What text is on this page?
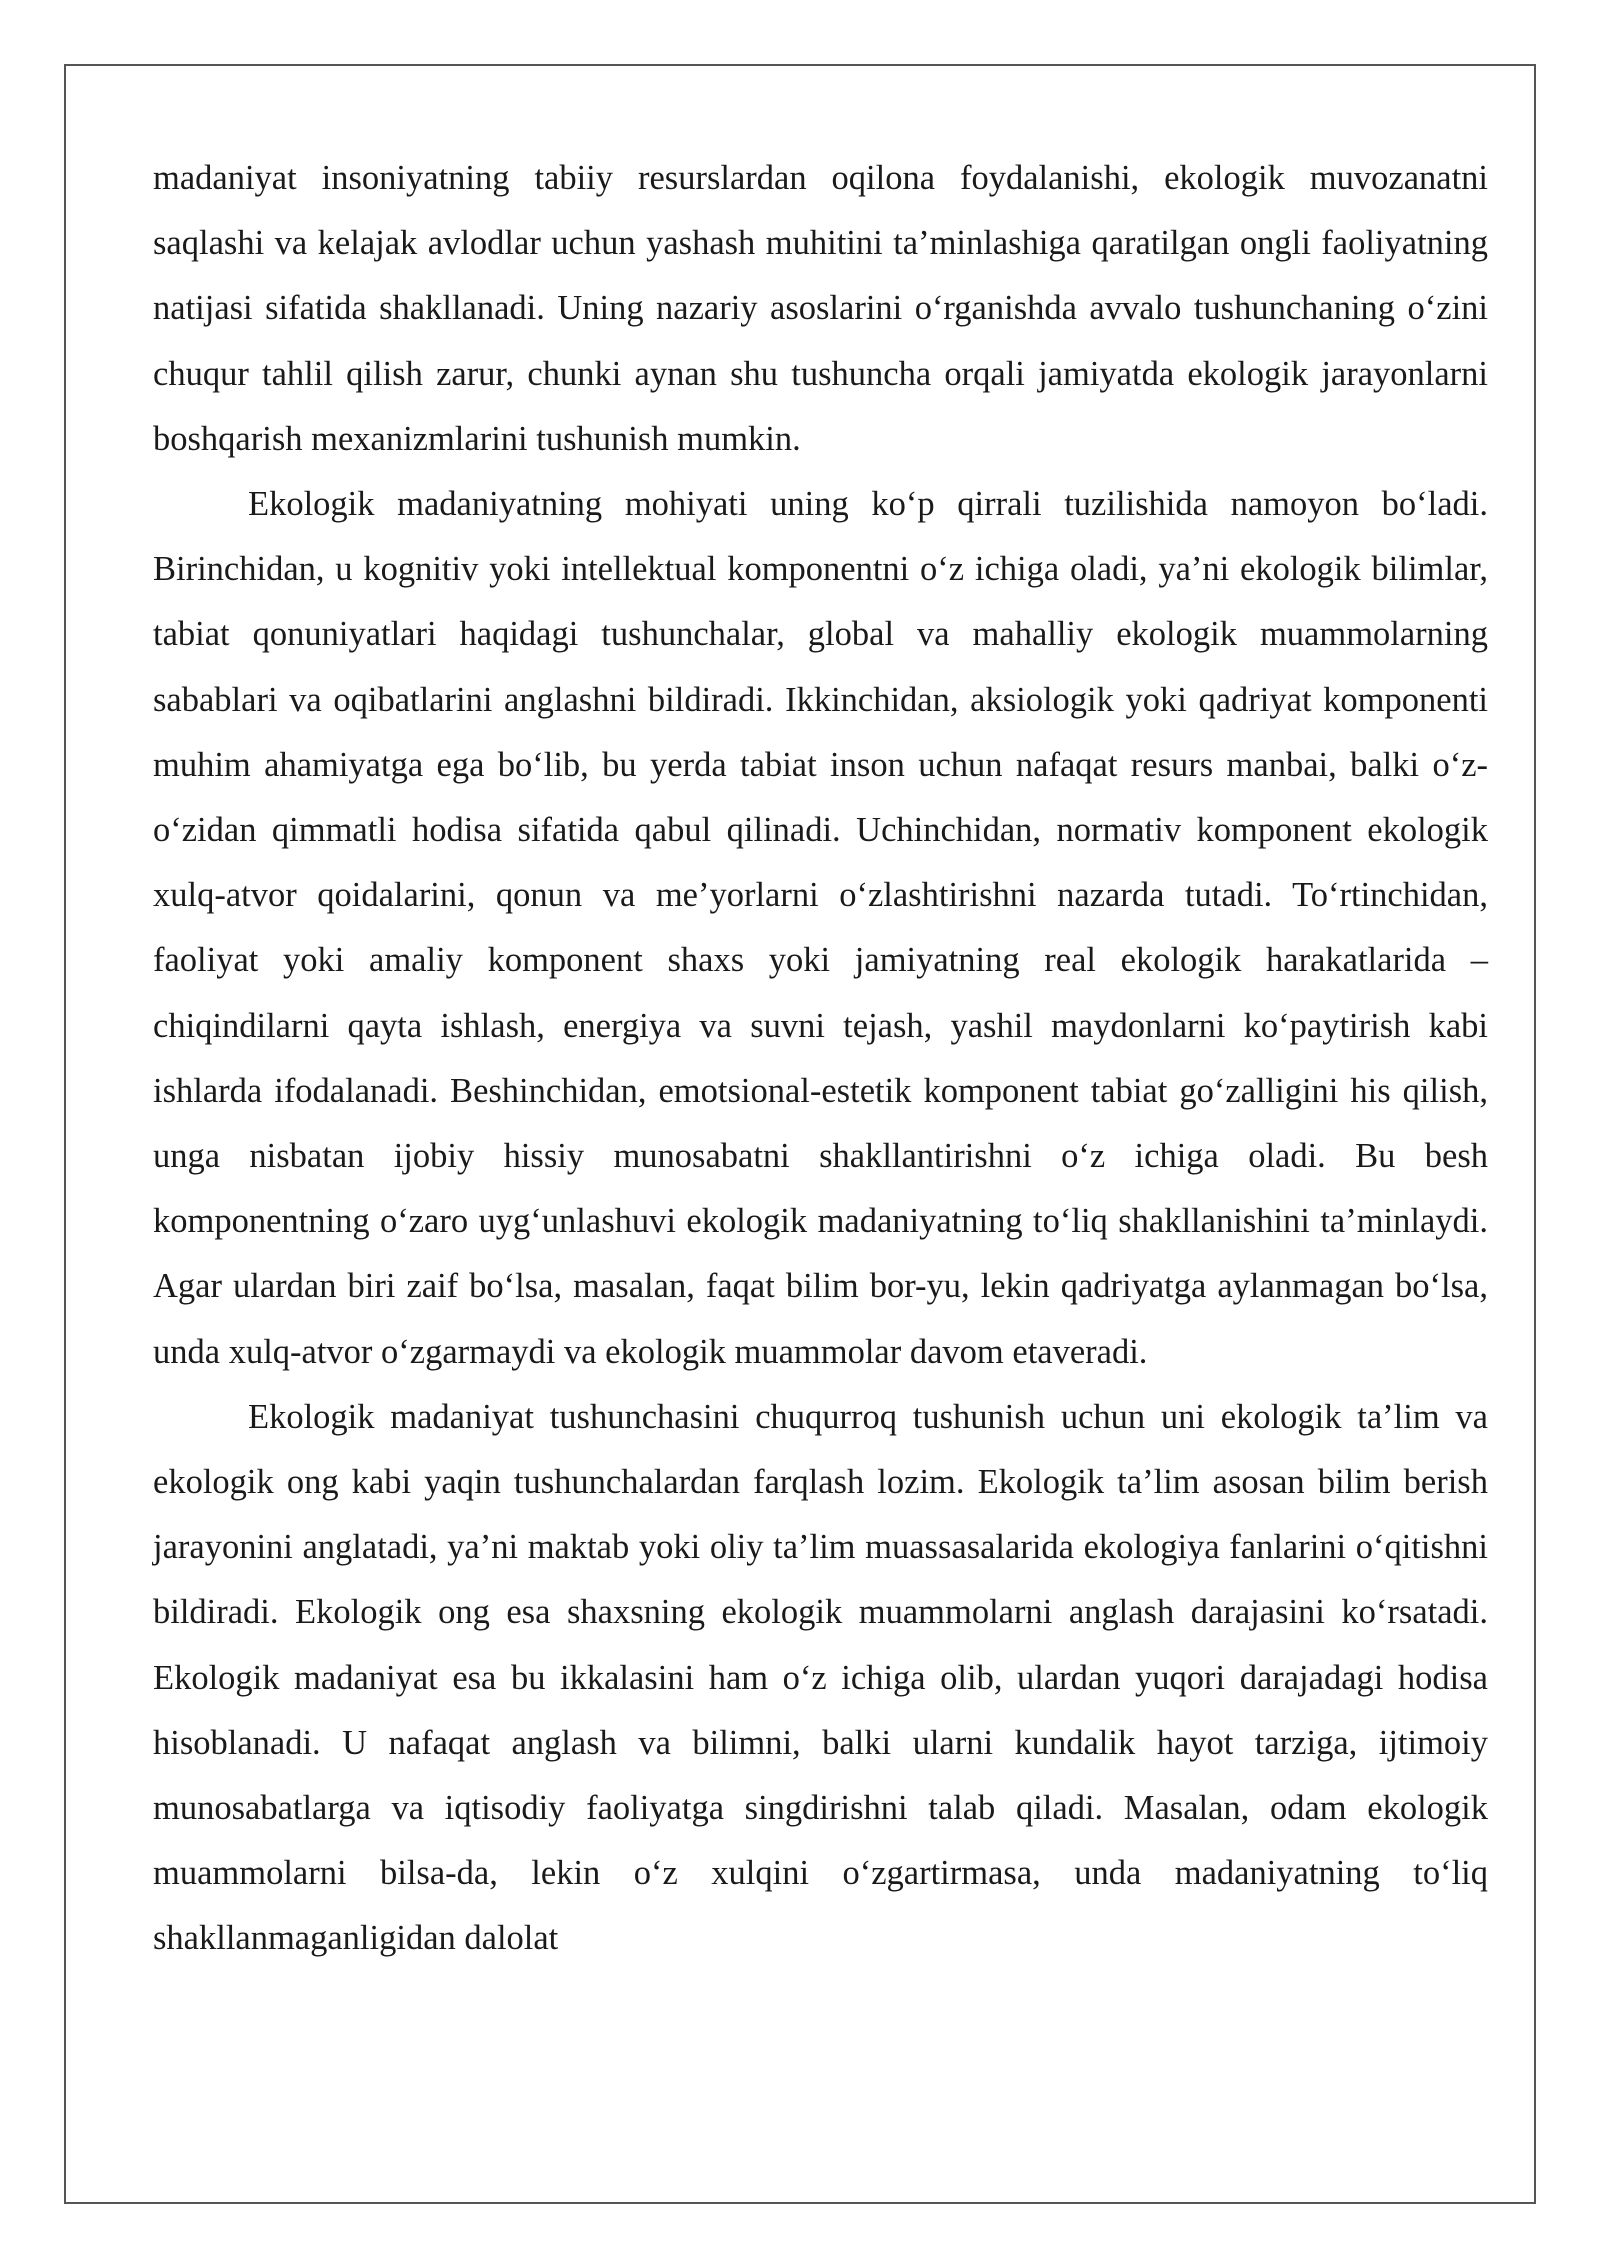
madaniyat insoniyatning tabiiy resurslardan oqilona foydalanishi, ekologik muvozanatni saqlashi va kelajak avlodlar uchun yashash muhitini ta’minlashiga qaratilgan ongli faoliyatning natijasi sifatida shakllanadi. Uning nazariy asoslarini o‘rganishda avvalo tushunchaning o‘zini chuqur tahlil qilish zarur, chunki aynan shu tushuncha orqali jamiyatda ekologik jarayonlarni boshqarish mexanizmlarini tushunish mumkin.

Ekologik madaniyatning mohiyati uning ko‘p qirrali tuzilishida namoyon bo‘ladi. Birinchidan, u kognitiv yoki intellektual komponentni o‘z ichiga oladi, ya’ni ekologik bilimlar, tabiat qonuniyatlari haqidagi tushunchalar, global va mahalliy ekologik muammolarning sabablari va oqibatlarini anglashni bildiradi. Ikkinchidan, aksiologik yoki qadriyat komponenti muhim ahamiyatga ega bo‘lib, bu yerda tabiat inson uchun nafaqat resurs manbai, balki o‘z-o‘zidan qimmatli hodisa sifatida qabul qilinadi. Uchinchidan, normativ komponent ekologik xulq-atvor qoidalarini, qonun va me’yorlarni o‘zlashtirishni nazarda tutadi. To‘rtinchidan, faoliyat yoki amaliy komponent shaxs yoki jamiyatning real ekologik harakatlarida – chiqindilarni qayta ishlash, energiya va suvni tejash, yashil maydonlarni ko‘paytirish kabi ishlarda ifodalanadi. Beshinchidan, emotsional-estetik komponent tabiat go‘zalligini his qilish, unga nisbatan ijobiy hissiy munosabatni shakllantirishni o‘z ichiga oladi. Bu besh komponentning o‘zaro uyg‘unlashuvi ekologik madaniyatning to‘liq shakllanishini ta’minlaydi. Agar ulardan biri zaif bo‘lsa, masalan, faqat bilim bor-yu, lekin qadriyatga aylanmagan bo‘lsa, unda xulq-atvor o‘zgarmaydi va ekologik muammolar davom etaveradi.

Ekologik madaniyat tushunchasini chuqurroq tushunish uchun uni ekologik ta’lim va ekologik ong kabi yaqin tushunchalardan farqlash lozim. Ekologik ta’lim asosan bilim berish jarayonini anglatadi, ya’ni maktab yoki oliy ta’lim muassasalarida ekologiya fanlarini o‘qitishni bildiradi. Ekologik ong esa shaxsning ekologik muammolarni anglash darajasini ko‘rsatadi. Ekologik madaniyat esa bu ikkalasini ham o‘z ichiga olib, ulardan yuqori darajadagi hodisa hisoblanadi. U nafaqat anglash va bilimni, balki ularni kundalik hayot tarziga, ijtimoiy munosabatlarga va iqtisodiy faoliyatga singdirishni talab qiladi. Masalan, odam ekologik muammolarni bilsa-da, lekin o‘z xulqini o‘zgartirmasa, unda madaniyatning to‘liq shakllanmaganligidan dalolat
